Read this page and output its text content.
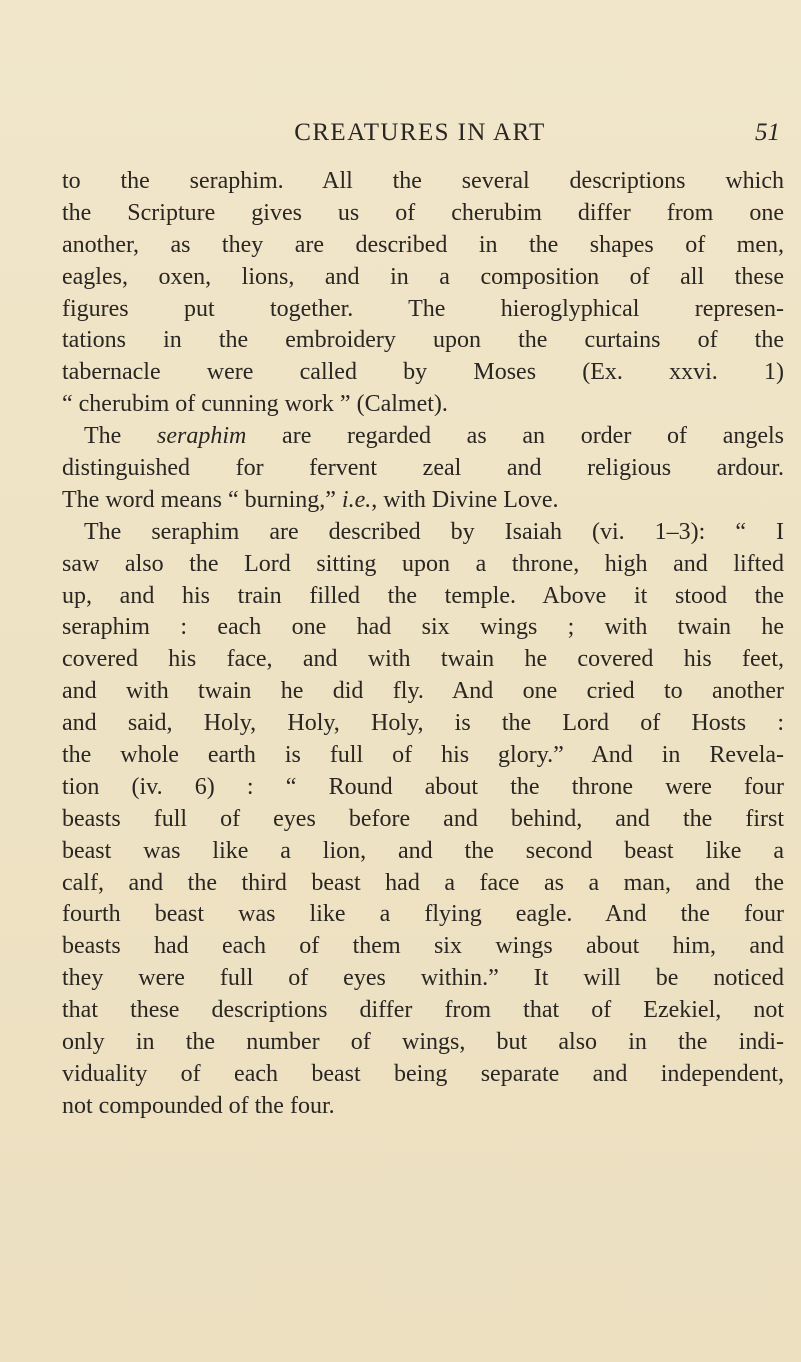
CREATURES IN ART	51
to the seraphim. All the several descriptions which
the Scripture gives us of cherubim differ from one
another, as they are described in the shapes of men,
eagles, oxen, lions, and in a composition of all these
figures put together. The hieroglyphical represen-
tations in the embroidery upon the curtains of the
tabernacle were called by Moses (Ex. xxvi. 1)
“ cherubim of cunning work ” (Calmet).
The seraphim are regarded as an order of angels
distinguished for fervent zeal and religious ardour.
The word means “ burning,” i.e., with Divine Love.
The seraphim are described by Isaiah (vi. 1–3): “ I
saw also the Lord sitting upon a throne, high and lifted
up, and his train filled the temple. Above it stood the
seraphim : each one had six wings ; with twain he
covered his face, and with twain he covered his feet,
and with twain he did fly. And one cried to another
and said, Holy, Holy, Holy, is the Lord of Hosts :
the whole earth is full of his glory.” And in Revela-
tion (iv. 6) : “ Round about the throne were four
beasts full of eyes before and behind, and the first
beast was like a lion, and the second beast like a
calf, and the third beast had a face as a man, and the
fourth beast was like a flying eagle. And the four
beasts had each of them six wings about him, and
they were full of eyes within.” It will be noticed
that these descriptions differ from that of Ezekiel, not
only in the number of wings, but also in the indi-
viduality of each beast being separate and independent,
not compounded of the four.
